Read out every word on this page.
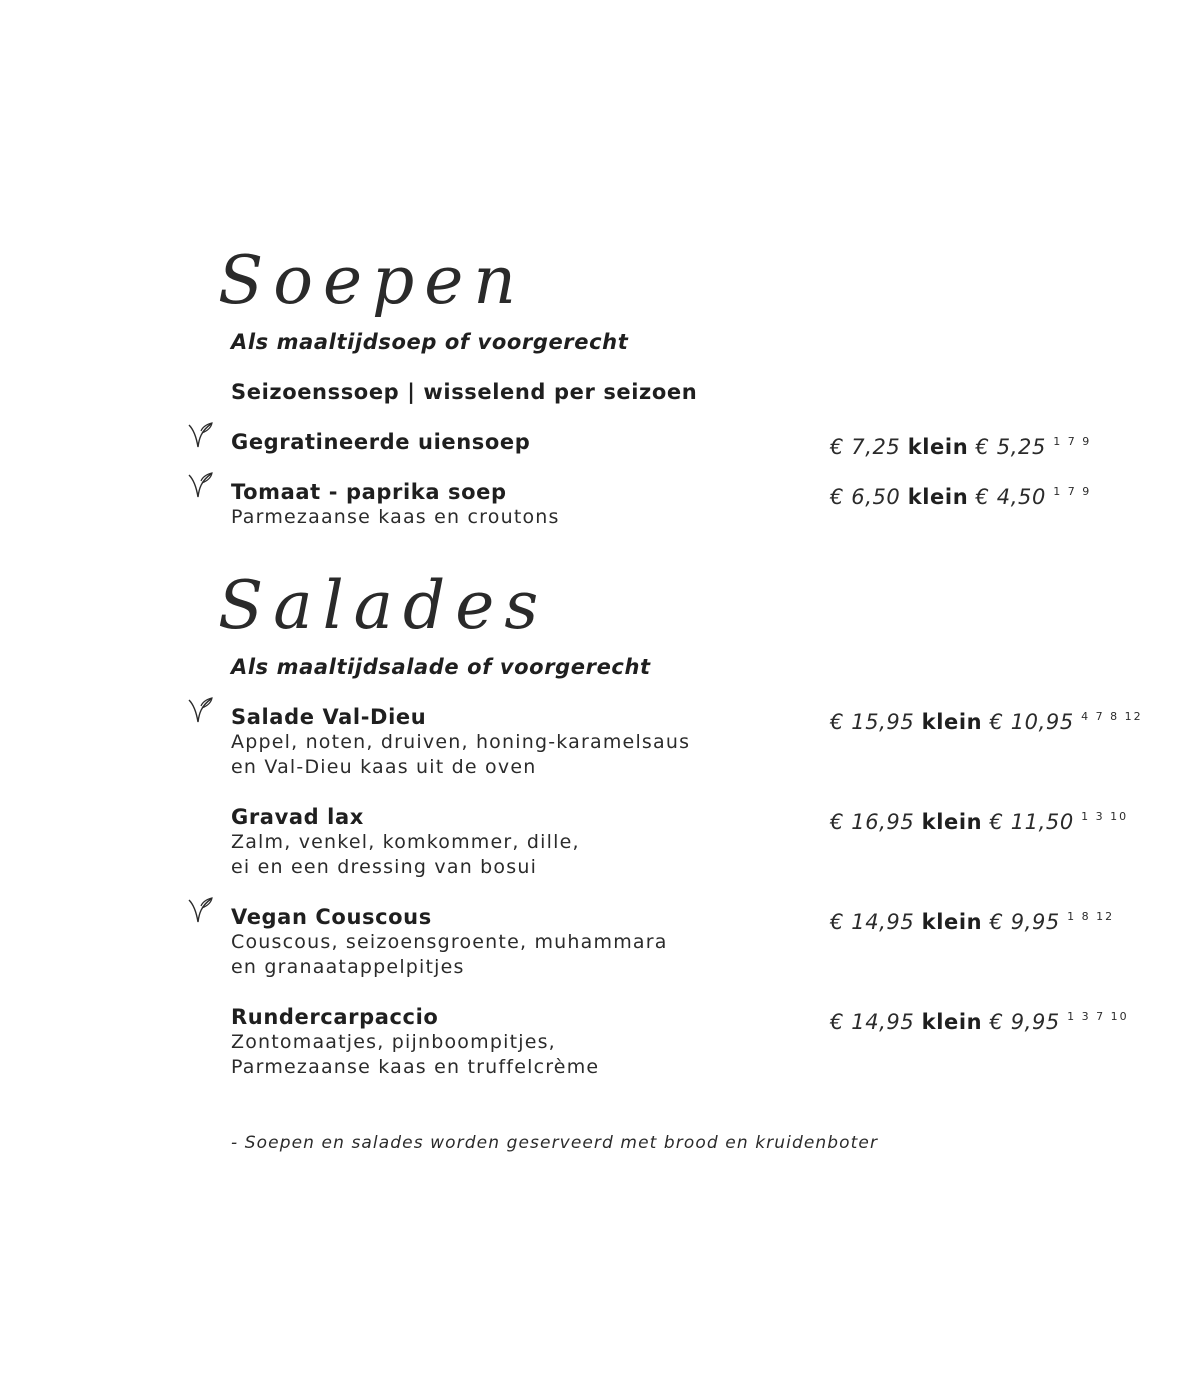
Soepen

Als maaltijdsoep of voorgerecht

Seizoenssoep | wisselend per seizoen
Gegratineerde uiensoep	€ 7,25 klein € 5,25 $^{1 7 9}$
Tomaat - paprika soep
Parmezaanse kaas en croutons
€ 6,50 klein € 4,50 $^{1 7 9}$
Salades

Als maaltijdsalade of voorgerecht

Salade Val-Dieu
Appel, noten, druiven, honing-karamelsaus
en Val-Dieu kaas uit de oven
€ 15,95 klein € 10,95 $^{4 7 8 12}$
Gravad lax
Zalm, venkel, komkommer, dille,
ei en een dressing van bosui
€ 16,95 klein € 11,50 $^{1 3 10}$
Vegan Couscous
Couscous, seizoensgroente, muhammara
en granaatappelpitjes
€ 14,95 klein € 9,95 $^{1 8 12}$
Rundercarpaccio
Zontomaatjes, pijnboompitjes,
Parmezaanse kaas en truffelcrème
€ 14,95 klein € 9,95 $^{1 3 7 10}$

- Soepen en salades worden geserveerd met brood en kruidenboter
